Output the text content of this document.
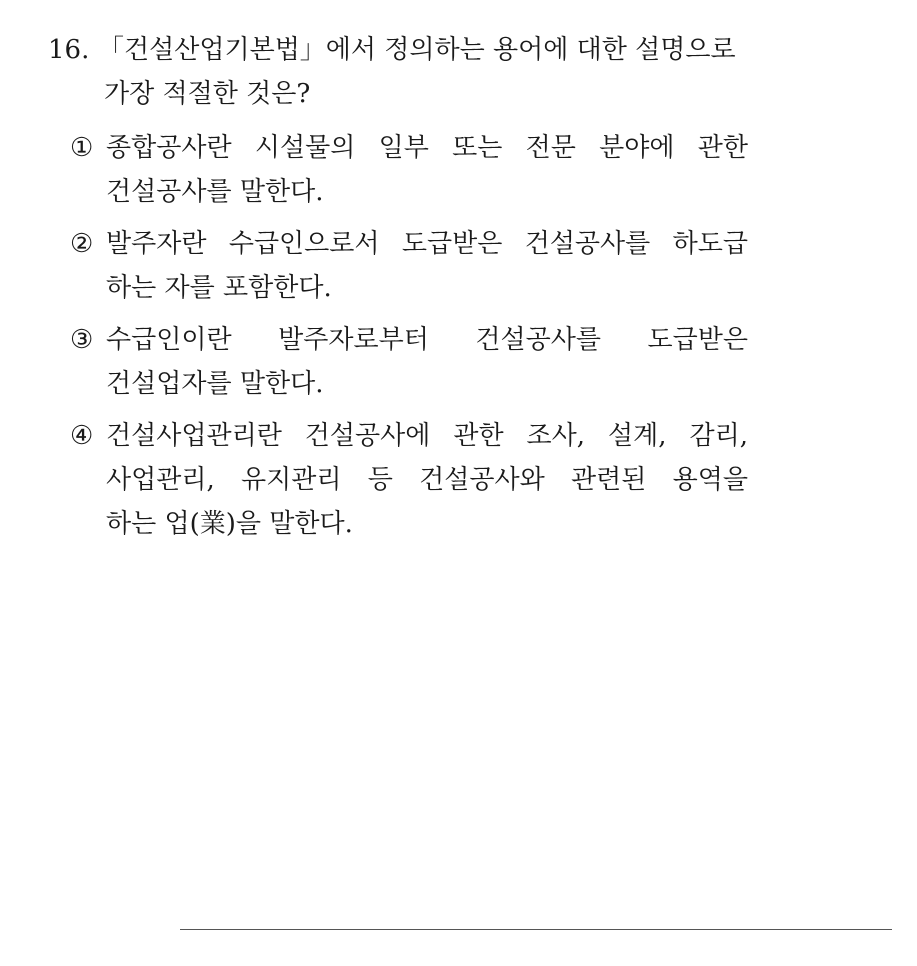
16. 「건설산업기본법」에서 정의하는 용어에 대한 설명으로
가장 적절한 것은?
① 종합공사란 시설물의 일부 또는 전문 분야에 관한
건설공사를 말한다.
② 발주자란 수급인으로서 도급받은 건설공사를 하도급
하는 자를 포함한다.
③ 수급인이란 발주자로부터 건설공사를 도급받은
건설업자를 말한다.
④ 건설사업관리란 건설공사에 관한 조사, 설계, 감리,
사업관리, 유지관리 등 건설공사와 관련된 용역을
하는 업(業)을 말한다.
